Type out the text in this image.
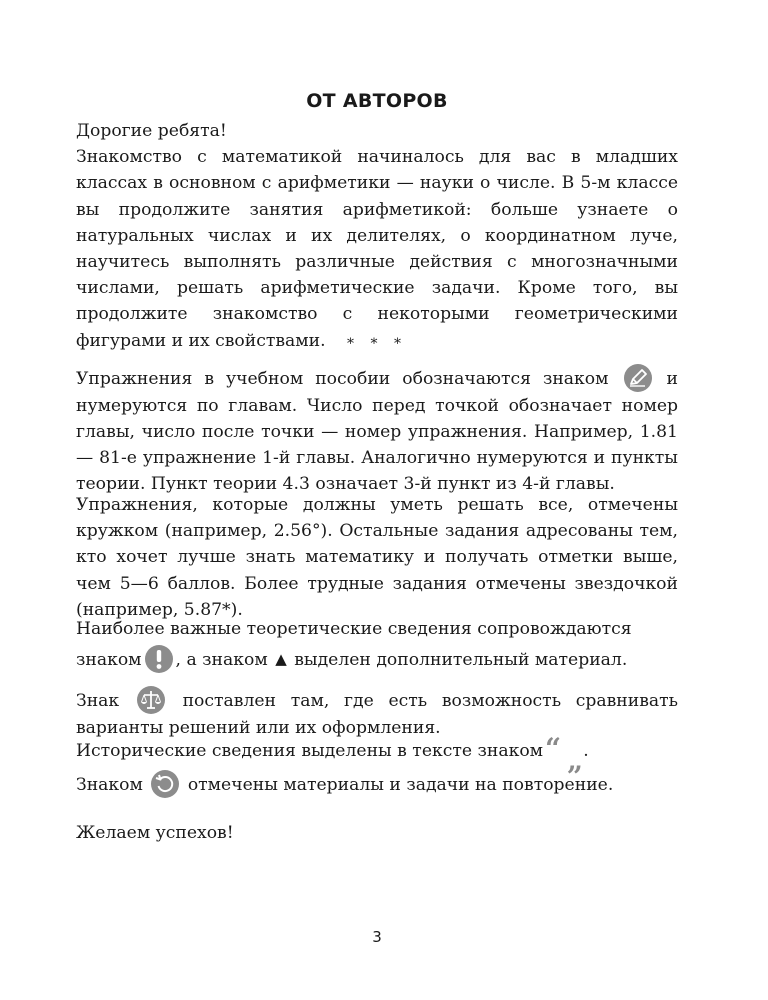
ОТ АВТОРОВ

Дорогие ребята!

Знакомство с математикой начиналось для вас в младших классах в основном с арифметики — науки о числе. В 5-м классе вы продолжите занятия арифметикой: больше узнаете о натуральных числах и их делителях, о координатном луче, научитесь выполнять различные действия с многозначными числами, решать арифметические задачи. Кроме того, вы продолжите знакомство с некоторыми геометрическими фигурами и их свойствами.	* * *

Упражнения в учебном пособии обозначаются знаком	и нумеруются по главам. Число перед точкой обозначает номер главы, число после точки — номер упражнения. Например, 1.81 — 81-е упражнение 1-й главы. Аналогично нумеруются и пункты теории. Пункт теории 4.3 означает 3-й пункт из 4-й главы.

Упражнения, которые должны уметь решать все, отмечены кружком (например, 2.56°). Остальные задания адресованы тем, кто хочет лучше знать математику и получать отметки выше, чем 5—6 баллов. Более трудные задания отмечены звездочкой (например, 5.87*).

Наиболее важные теоретические сведения сопровождаются
знаком , а знаком ▲ выделен дополнительный материал.

Знак	поставлен там, где есть возможность сравнивать варианты решений или их оформления.

Исторические сведения выделены в тексте знаком“ „.
Знаком	отмечены материалы и задачи на повторение.
Желаем успехов!
3
